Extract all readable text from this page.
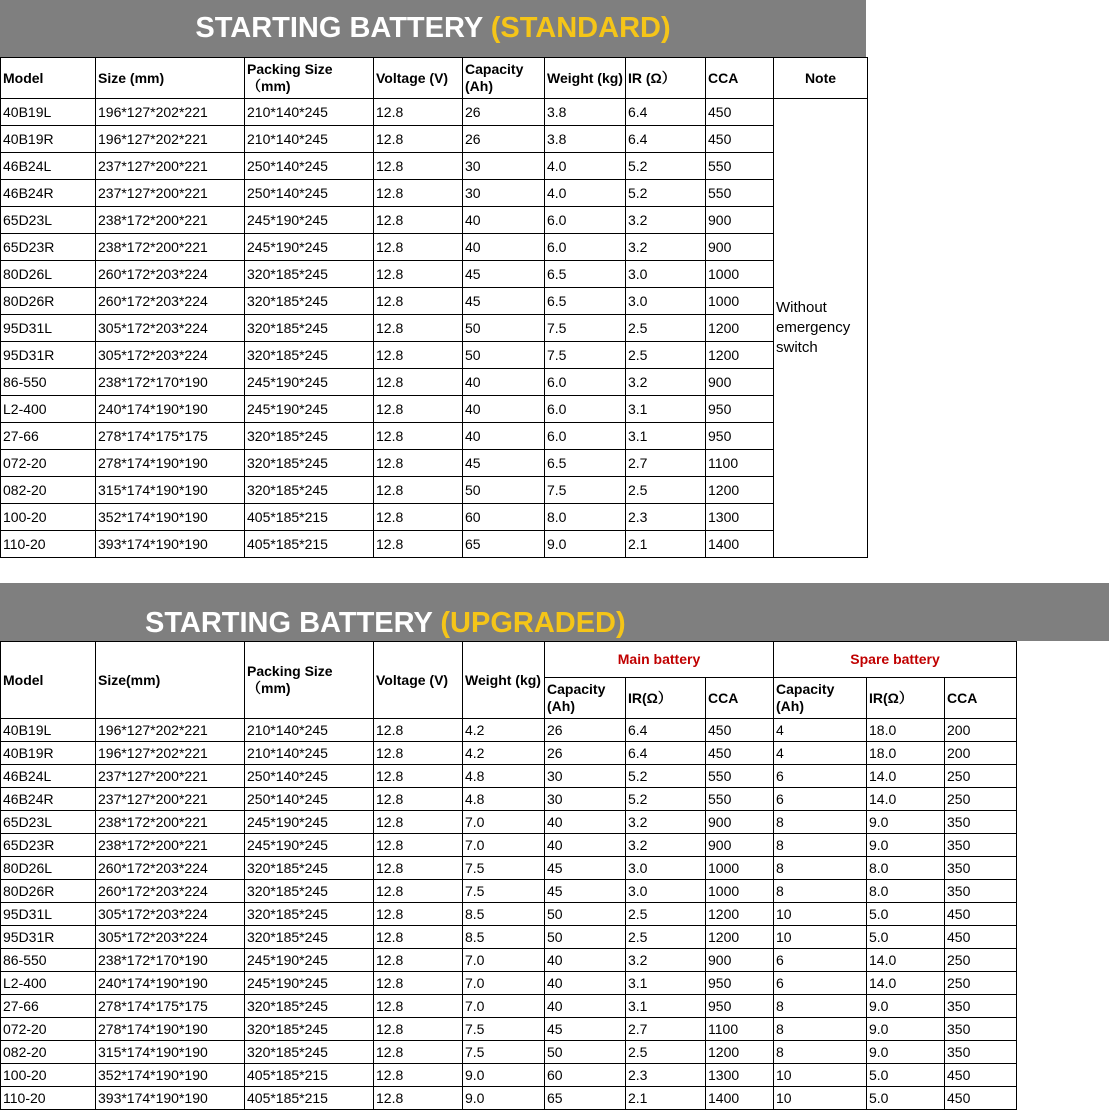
STARTING BATTERY (STANDARD)
Model	Size (mm)	Packing Size （mm)	Voltage (V)	Capacity (Ah)	Weight (kg)	IR (Ω）	CCA	Note
40B19L	196*127*202*221	210*140*245	12.8	26	3.8	6.4	450	Without emergency switch
40B19R	196*127*202*221	210*140*245	12.8	26	3.8	6.4	450	
46B24L	237*127*200*221	250*140*245	12.8	30	4.0	5.2	550	
46B24R	237*127*200*221	250*140*245	12.8	30	4.0	5.2	550	
65D23L	238*172*200*221	245*190*245	12.8	40	6.0	3.2	900	
65D23R	238*172*200*221	245*190*245	12.8	40	6.0	3.2	900	
80D26L	260*172*203*224	320*185*245	12.8	45	6.5	3.0	1000	
80D26R	260*172*203*224	320*185*245	12.8	45	6.5	3.0	1000	
95D31L	305*172*203*224	320*185*245	12.8	50	7.5	2.5	1200	
95D31R	305*172*203*224	320*185*245	12.8	50	7.5	2.5	1200	
86-550	238*172*170*190	245*190*245	12.8	40	6.0	3.2	900	
L2-400	240*174*190*190	245*190*245	12.8	40	6.0	3.1	950	
27-66	278*174*175*175	320*185*245	12.8	40	6.0	3.1	950	
072-20	278*174*190*190	320*185*245	12.8	45	6.5	2.7	1100	
082-20	315*174*190*190	320*185*245	12.8	50	7.5	2.5	1200	
100-20	352*174*190*190	405*185*215	12.8	60	8.0	2.3	1300	
110-20	393*174*190*190	405*185*215	12.8	65	9.0	2.1	1400	
STARTING BATTERY (UPGRADED)
Model	Size(mm)	Packing Size （mm)	Voltage (V)	Weight (kg)	Main battery			Spare battery		
					Capacity (Ah)	IR(Ω）	CCA	Capacity (Ah)	IR(Ω）	CCA
40B19L	196*127*202*221	210*140*245	12.8	4.2	26	6.4	450	4	18.0	200
40B19R	196*127*202*221	210*140*245	12.8	4.2	26	6.4	450	4	18.0	200
46B24L	237*127*200*221	250*140*245	12.8	4.8	30	5.2	550	6	14.0	250
46B24R	237*127*200*221	250*140*245	12.8	4.8	30	5.2	550	6	14.0	250
65D23L	238*172*200*221	245*190*245	12.8	7.0	40	3.2	900	8	9.0	350
65D23R	238*172*200*221	245*190*245	12.8	7.0	40	3.2	900	8	9.0	350
80D26L	260*172*203*224	320*185*245	12.8	7.5	45	3.0	1000	8	8.0	350
80D26R	260*172*203*224	320*185*245	12.8	7.5	45	3.0	1000	8	8.0	350
95D31L	305*172*203*224	320*185*245	12.8	8.5	50	2.5	1200	10	5.0	450
95D31R	305*172*203*224	320*185*245	12.8	8.5	50	2.5	1200	10	5.0	450
86-550	238*172*170*190	245*190*245	12.8	7.0	40	3.2	900	6	14.0	250
L2-400	240*174*190*190	245*190*245	12.8	7.0	40	3.1	950	6	14.0	250
27-66	278*174*175*175	320*185*245	12.8	7.0	40	3.1	950	8	9.0	350
072-20	278*174*190*190	320*185*245	12.8	7.5	45	2.7	1100	8	9.0	350
082-20	315*174*190*190	320*185*245	12.8	7.5	50	2.5	1200	8	9.0	350
100-20	352*174*190*190	405*185*215	12.8	9.0	60	2.3	1300	10	5.0	450
110-20	393*174*190*190	405*185*215	12.8	9.0	65	2.1	1400	10	5.0	450
